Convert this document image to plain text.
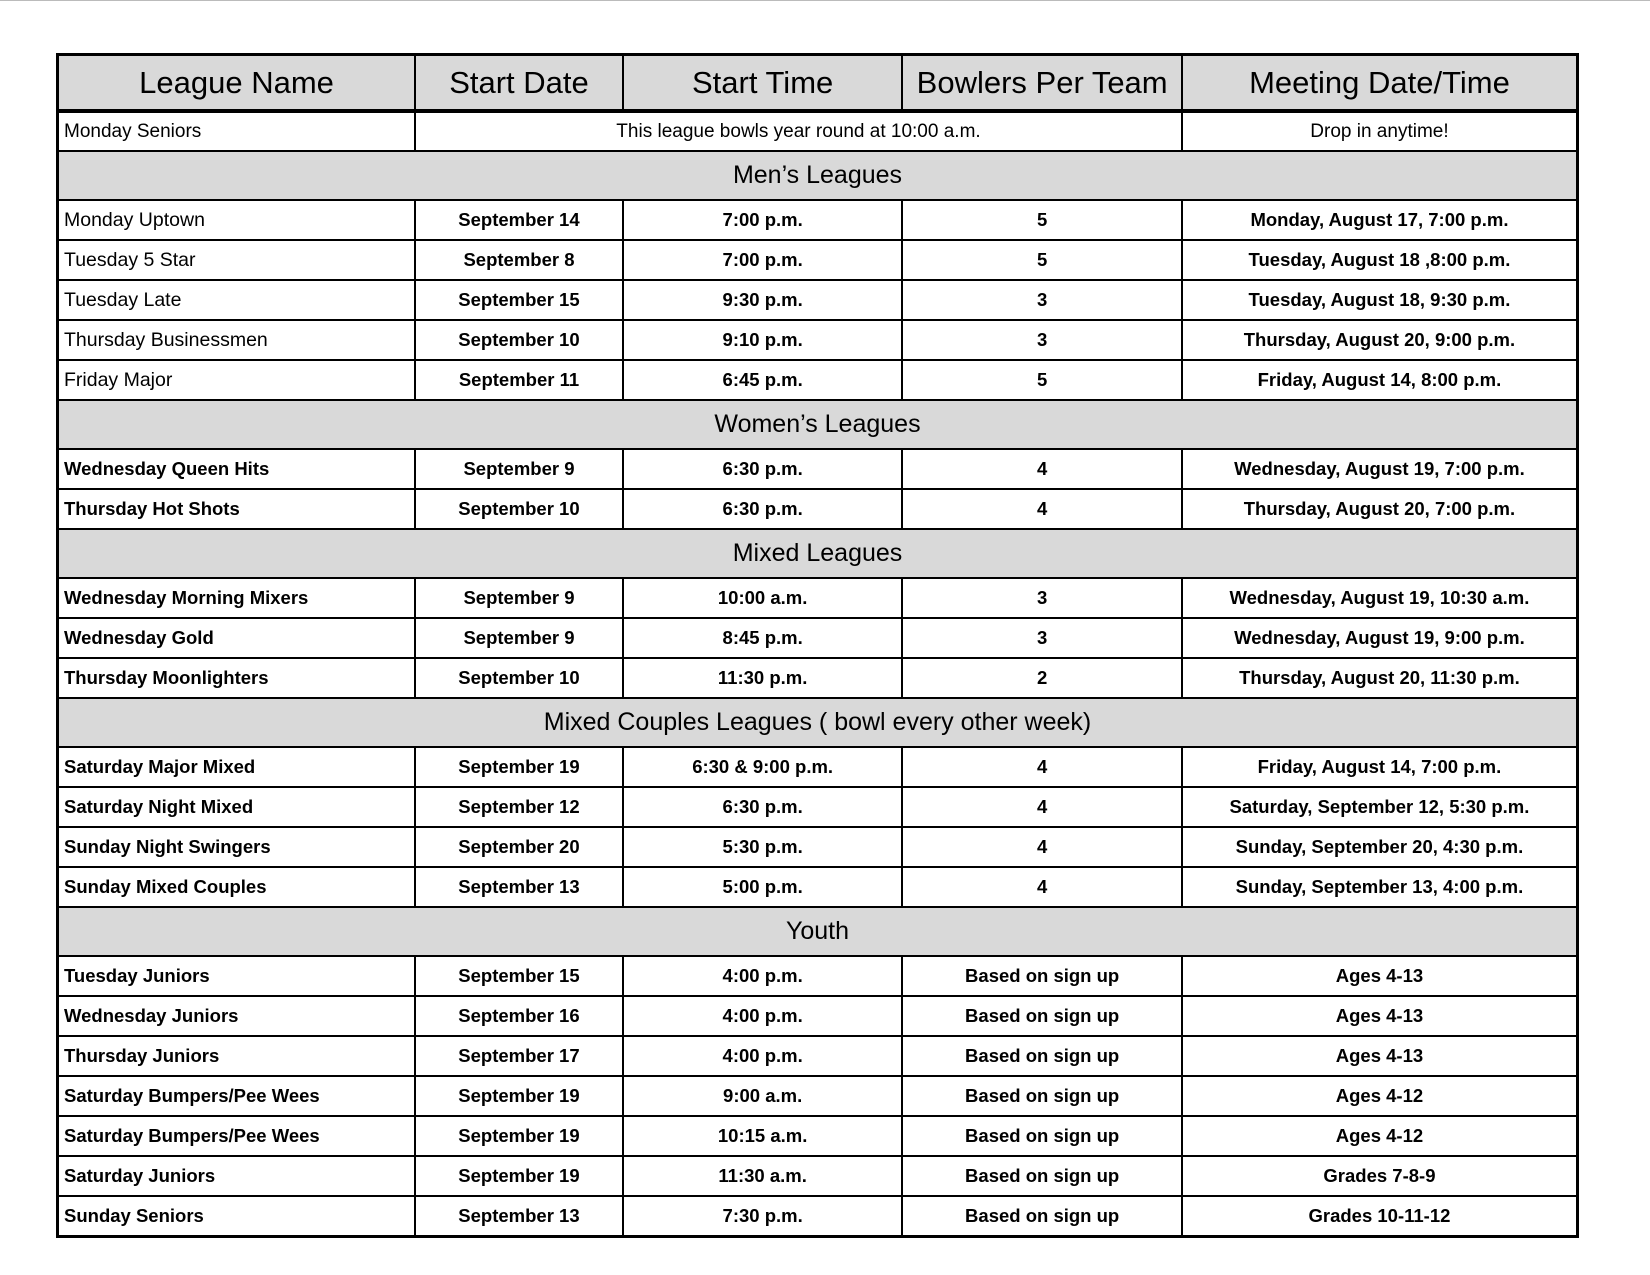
League Name	Start Date	Start Time	Bowlers Per Team	Meeting Date/Time
Monday Seniors	This league bowls year round at 10:00 a.m.			Drop in anytime!
Men’s Leagues				
Monday Uptown	September 14	7:00 p.m.	5	Monday, August 17, 7:00 p.m.
Tuesday 5 Star	September 8	7:00 p.m.	5	Tuesday, August 18 ,8:00 p.m.
Tuesday Late	September 15	9:30 p.m.	3	Tuesday, August 18, 9:30 p.m.
Thursday Businessmen	September 10	9:10 p.m.	3	Thursday, August 20, 9:00 p.m.
Friday Major	September 11	6:45 p.m.	5	Friday, August 14, 8:00 p.m.
Women’s Leagues				
Wednesday Queen Hits	September 9	6:30 p.m.	4	Wednesday, August 19, 7:00 p.m.
Thursday Hot Shots	September 10	6:30 p.m.	4	Thursday, August 20, 7:00 p.m.
Mixed Leagues				
Wednesday Morning Mixers	September 9	10:00 a.m.	3	Wednesday, August 19, 10:30 a.m.
Wednesday Gold	September 9	8:45 p.m.	3	Wednesday, August 19, 9:00 p.m.
Thursday Moonlighters	September 10	11:30 p.m.	2	Thursday, August 20, 11:30 p.m.
Mixed Couples Leagues ( bowl every other week)				
Saturday Major Mixed	September 19	6:30 & 9:00 p.m.	4	Friday, August 14, 7:00 p.m.
Saturday Night Mixed	September 12	6:30 p.m.	4	Saturday, September 12, 5:30 p.m.
Sunday Night Swingers	September 20	5:30 p.m.	4	Sunday, September 20, 4:30 p.m.
Sunday Mixed Couples	September 13	5:00 p.m.	4	Sunday, September 13, 4:00 p.m.
Youth				
Tuesday Juniors	September 15	4:00 p.m.	Based on sign up	Ages 4-13
Wednesday Juniors	September 16	4:00 p.m.	Based on sign up	Ages 4-13
Thursday Juniors	September 17	4:00 p.m.	Based on sign up	Ages 4-13
Saturday Bumpers/Pee Wees	September 19	9:00 a.m.	Based on sign up	Ages 4-12
Saturday Bumpers/Pee Wees	September 19	10:15 a.m.	Based on sign up	Ages 4-12
Saturday Juniors	September 19	11:30 a.m.	Based on sign up	Grades 7-8-9
Sunday Seniors	September 13	7:30 p.m.	Based on sign up	Grades 10-11-12
